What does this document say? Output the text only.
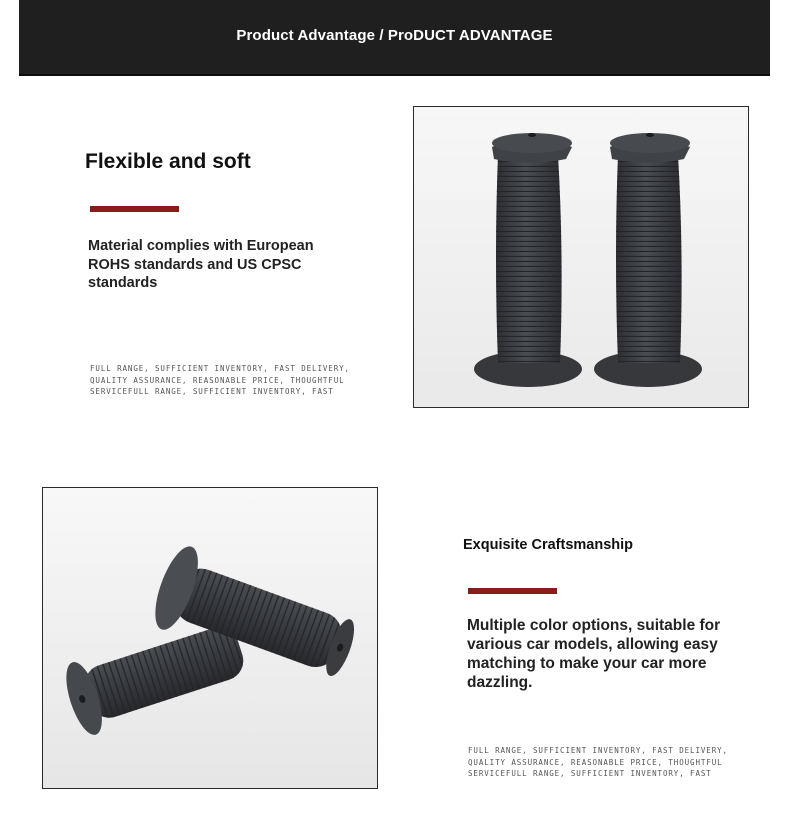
Product Advantage / ProDUCT ADVANTAGE
Flexible and soft
Material complies with European ROHS standards and US CPSC standards
FULL RANGE, SUFFICIENT INVENTORY, FAST DELIVERY,
QUALITY ASSURANCE, REASONABLE PRICE, THOUGHTFUL
SERVICEFULL RANGE, SUFFICIENT INVENTORY, FAST
Exquisite Craftsmanship
Multiple color options, suitable for various car models, allowing easy matching to make your car more dazzling.
FULL RANGE, SUFFICIENT INVENTORY, FAST DELIVERY,
QUALITY ASSURANCE, REASONABLE PRICE, THOUGHTFUL
SERVICEFULL RANGE, SUFFICIENT INVENTORY, FAST
